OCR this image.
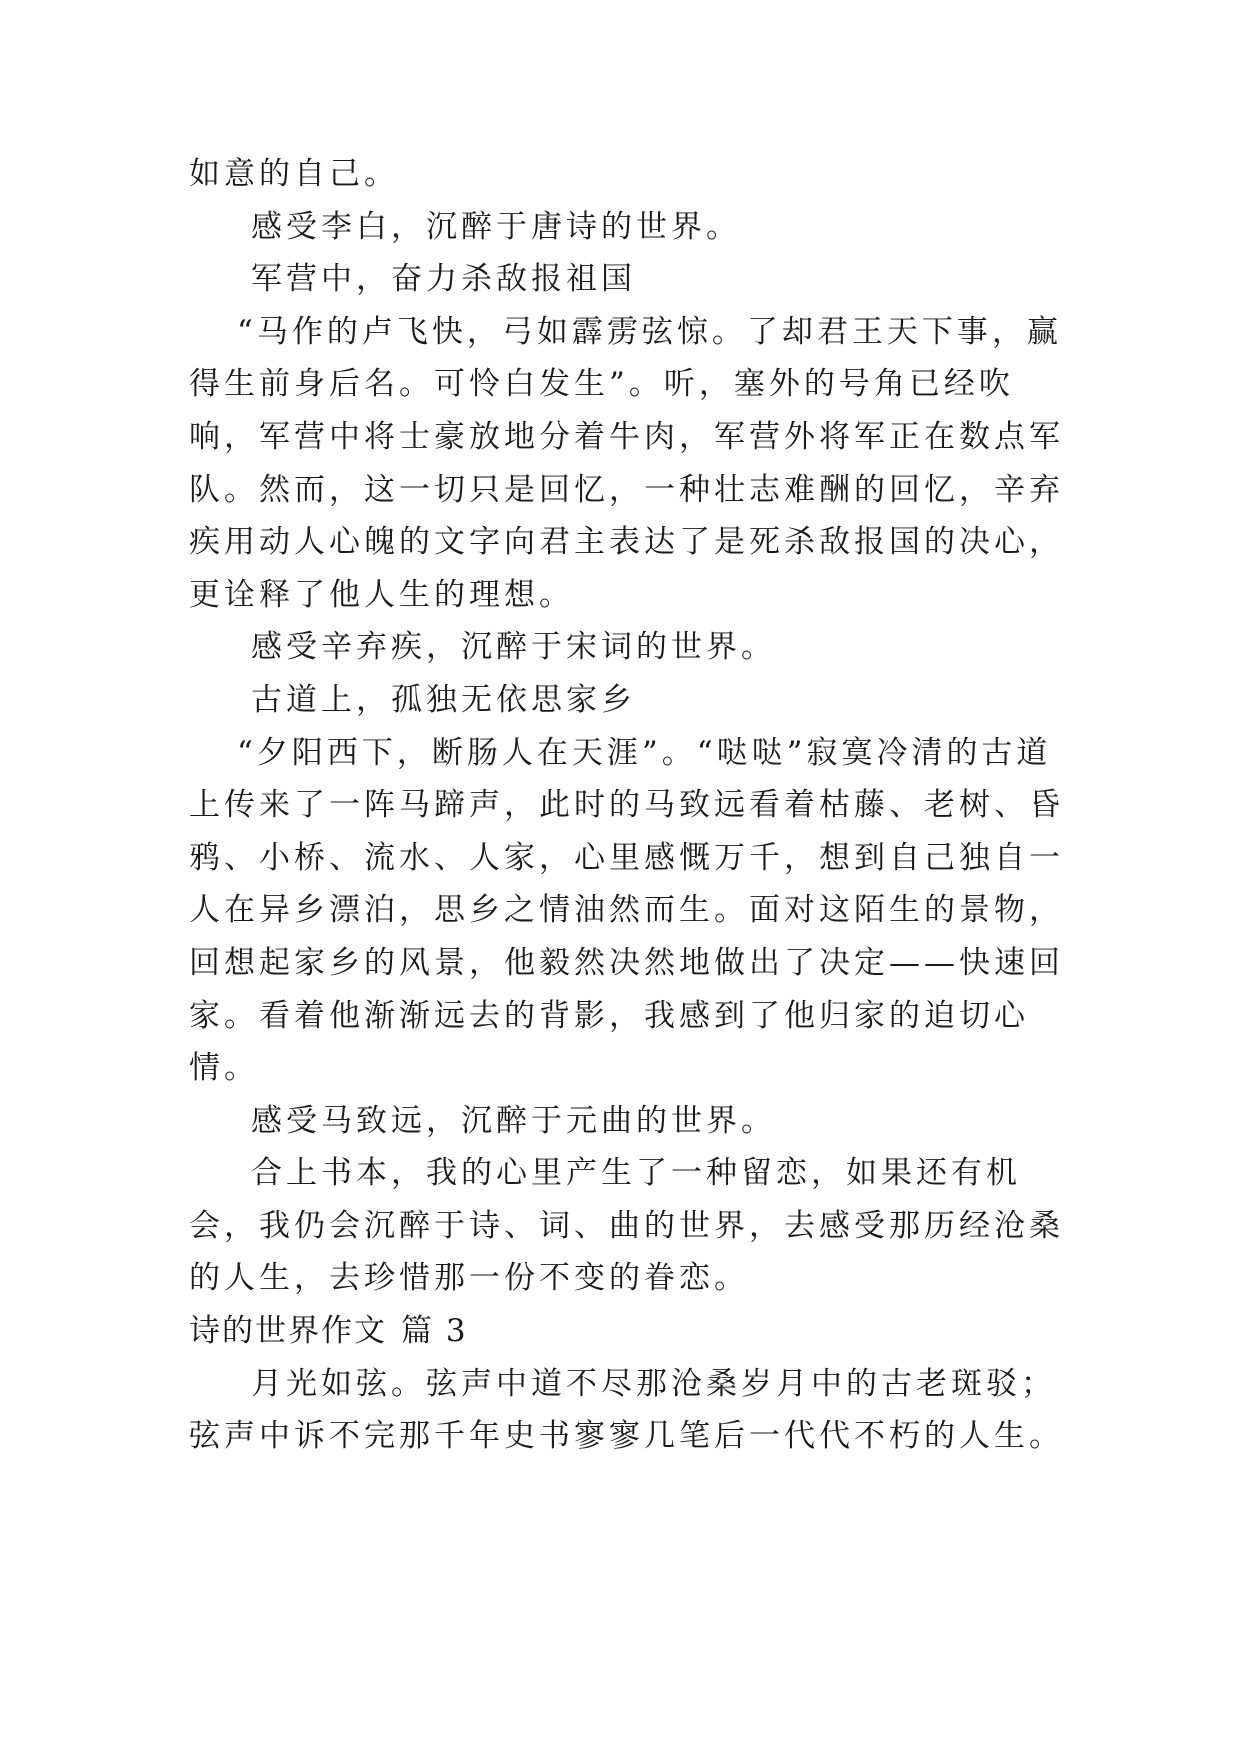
如意的自己。

感受李白，沉醉于唐诗的世界。

军营中，奋力杀敌报祖国

“马作的卢飞快，弓如霹雳弦惊。了却君王天下事，赢得生前身后名。可怜白发生”。听，塞外的号角已经吹响，军营中将士豪放地分着牛肉，军营外将军正在数点军队。然而，这一切只是回忆，一种壮志难酬的回忆，辛弃疾用动人心魄的文字向君主表达了是死杀敌报国的决心，更诠释了他人生的理想。

感受辛弃疾，沉醉于宋词的世界。

古道上，孤独无依思家乡

“夕阳西下，断肠人在天涯”。“哒哒”寂寞冷清的古道上传来了一阵马蹄声，此时的马致远看着枯藤、老树、昏鸦、小桥、流水、人家，心里感慨万千，想到自己独自一人在异乡漂泊，思乡之情油然而生。面对这陌生的景物，回想起家乡的风景，他毅然决然地做出了决定——快速回家。看着他渐渐远去的背影，我感到了他归家的迫切心情。

感受马致远，沉醉于元曲的世界。

合上书本，我的心里产生了一种留恋，如果还有机会，我仍会沉醉于诗、词、曲的世界，去感受那历经沧桑的人生，去珍惜那一份不变的眷恋。

诗的世界作文 篇 3

月光如弦。弦声中道不尽那沧桑岁月中的古老斑驳；弦声中诉不完那千年史书寥寥几笔后一代代不朽的人生。
